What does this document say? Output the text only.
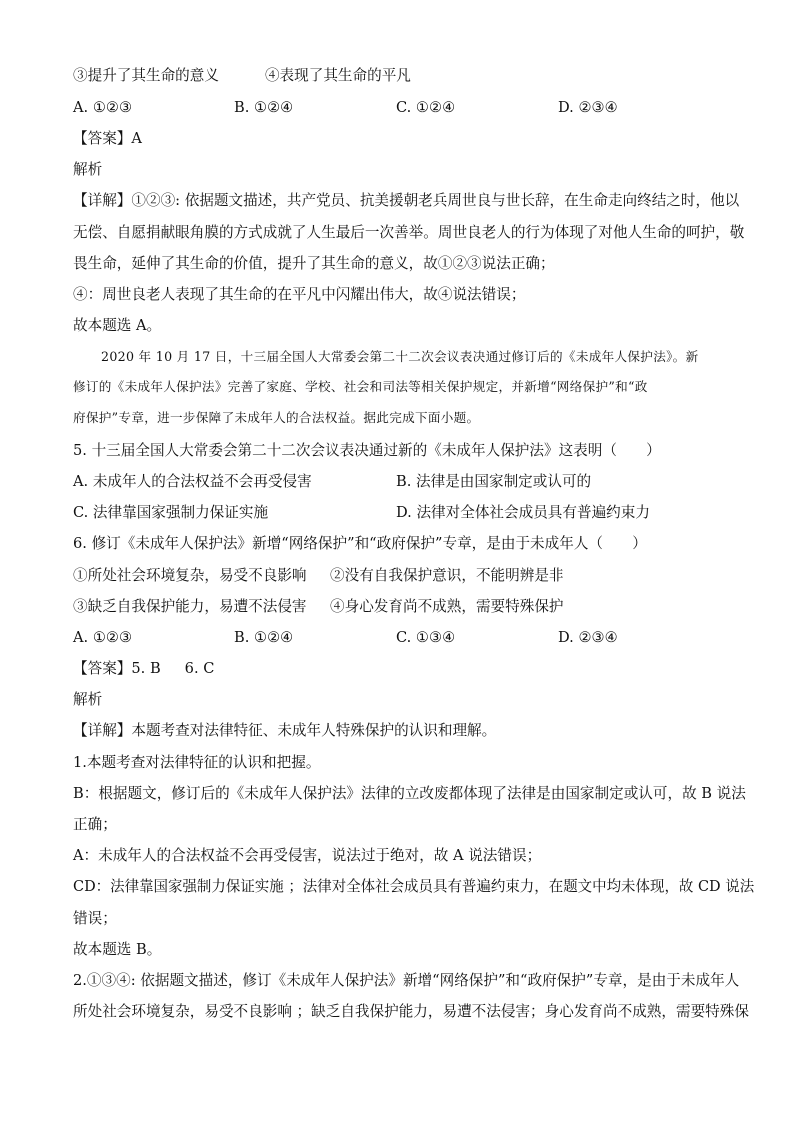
③提升了其生命的意义	④表现了其生命的平凡
A. ①②③	B. ①②④	C. ①②④	D. ②③④
【答案】A
解析
【详解】①②③: 依据题文描述，共产党员、抗美援朝老兵周世良与世长辞，在生命走向终结之时，他以
无偿、自愿捐献眼角膜的方式成就了人生最后一次善举。周世良老人的行为体现了对他人生命的呵护，敬
畏生命，延伸了其生命的价值，提升了其生命的意义，故①②③说法正确；
④：周世良老人表现了其生命的在平凡中闪耀出伟大，故④说法错误；
故本题选 A。
2020 年 10 月 17 日，十三届全国人大常委会第二十二次会议表决通过修订后的《未成年人保护法》。新
修订的《未成年人保护法》完善了家庭、学校、社会和司法等相关保护规定，并新增“网络保护”和“政
府保护”专章，进一步保障了未成年人的合法权益。据此完成下面小题。
5. 十三届全国人大常委会第二十二次会议表决通过新的《未成年人保护法》这表明（　　）
A. 未成年人的合法权益不会再受侵害	B. 法律是由国家制定或认可的
C. 法律靠国家强制力保证实施	D. 法律对全体社会成员具有普遍约束力
6. 修订《未成年人保护法》新增“网络保护”和“政府保护”专章，是由于未成年人（　　）
①所处社会环境复杂，易受不良影响 ②没有自我保护意识，不能明辨是非
③缺乏自我保护能力，易遭不法侵害 ④身心发育尚不成熟，需要特殊保护
A. ①②③	B. ①②④	C. ①③④	D. ②③④
【答案】5. B 6. C
解析
【详解】本题考查对法律特征、未成年人特殊保护的认识和理解。
1.本题考查对法律特征的认识和把握。
B：根据题文，修订后的《未成年人保护法》法律的立改废都体现了法律是由国家制定或认可，故 B 说法
正确；
A：未成年人的合法权益不会再受侵害，说法过于绝对，故 A 说法错误；
CD：法律靠国家强制力保证实施 ；法律对全体社会成员具有普遍约束力，在题文中均未体现，故 CD 说法
错误；
故本题选 B。
2.①③④: 依据题文描述，修订《未成年人保护法》新增“网络保护”和“政府保护”专章，是由于未成年人
所处社会环境复杂，易受不良影响 ；缺乏自我保护能力，易遭不法侵害；身心发育尚不成熟，需要特殊保
